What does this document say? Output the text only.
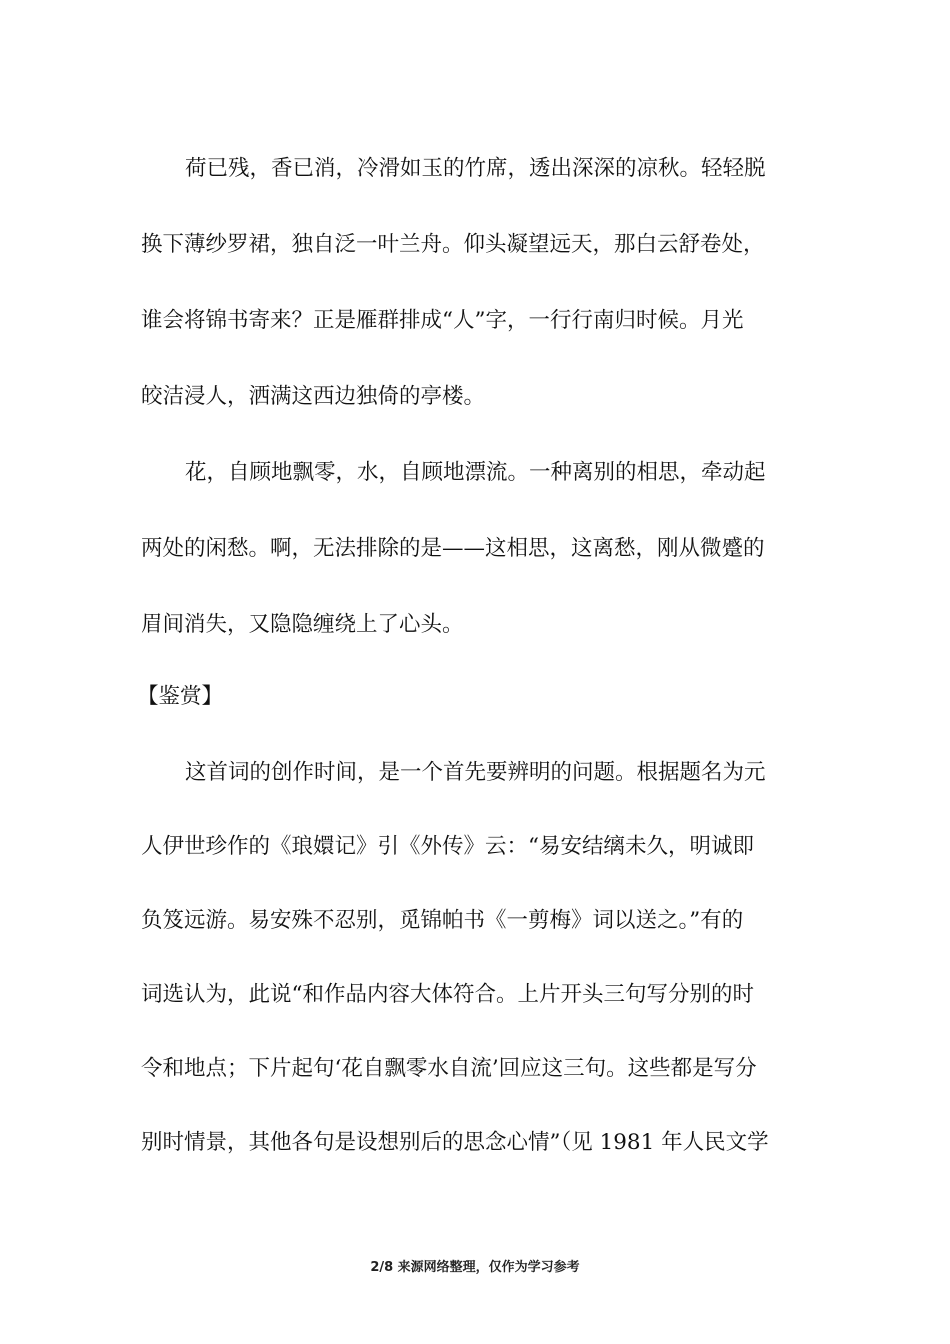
荷已残，香已消，冷滑如玉的竹席，透出深深的凉秋。轻轻脱
换下薄纱罗裙，独自泛一叶兰舟。仰头凝望远天，那白云舒卷处，
谁会将锦书寄来？正是雁群排成“人”字，一行行南归时候。月光
皎洁浸人，洒满这西边独倚的亭楼。
花，自顾地飘零，水，自顾地漂流。一种离别的相思，牵动起
两处的闲愁。啊，无法排除的是——这相思，这离愁，刚从微蹙的
眉间消失，又隐隐缠绕上了心头。
【鉴赏】
这首词的创作时间，是一个首先要辨明的问题。根据题名为元
人伊世珍作的《琅嬛记》引《外传》云：“易安结缡未久，明诚即
负笈远游。易安殊不忍别，觅锦帕书《一剪梅》词以送之。”有的
词选认为，此说“和作品内容大体符合。上片开头三句写分别的时
令和地点；下片起句‘花自飘零水自流’回应这三句。这些都是写分
别时情景，其他各句是设想别后的思念心情”（见 1981 年人民文学
2/8 来源网络整理，仅作为学习参考
